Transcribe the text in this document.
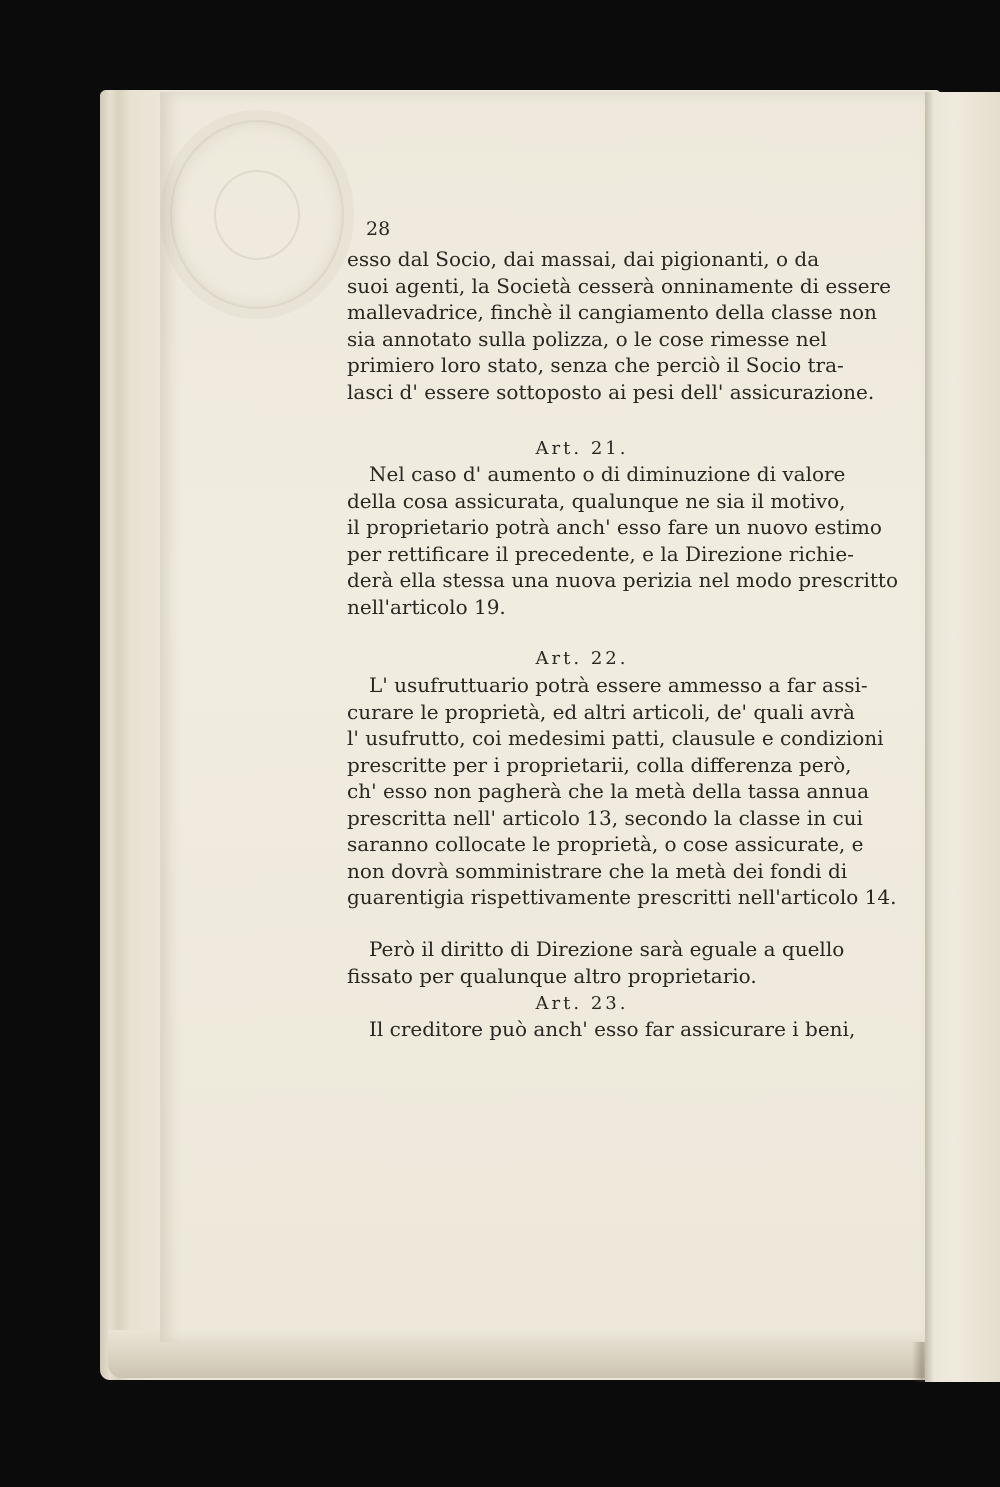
28
esso dal Socio, dai massai, dai pigionanti, o da
suoi agenti, la Società cesserà onninamente di essere
mallevadrice, finchè il cangiamento della classe non
sia annotato sulla polizza, o le cose rimesse nel
primiero loro stato, senza che perciò il Socio tra-
lasci d' essere sottoposto ai pesi dell' assicurazione.
Art. 21.
Nel caso d' aumento o di diminuzione di valore
della cosa assicurata, qualunque ne sia il motivo,
il proprietario potrà anch' esso fare un nuovo estimo
per rettificare il precedente, e la Direzione richie-
derà ella stessa una nuova perizia nel modo prescritto
nell'articolo 19.
Art. 22.
L' usufruttuario potrà essere ammesso a far assi-
curare le proprietà, ed altri articoli, de' quali avrà
l' usufrutto, coi medesimi patti, clausule e condizioni
prescritte per i proprietarii, colla differenza però,
ch' esso non pagherà che la metà della tassa annua
prescritta nell' articolo 13, secondo la classe in cui
saranno collocate le proprietà, o cose assicurate, e
non dovrà somministrare che la metà dei fondi di
guarentigia rispettivamente prescritti nell'articolo 14.
Però il diritto di Direzione sarà eguale a quello
fissato per qualunque altro proprietario.
Art. 23.
Il creditore può anch' esso far assicurare i beni,
